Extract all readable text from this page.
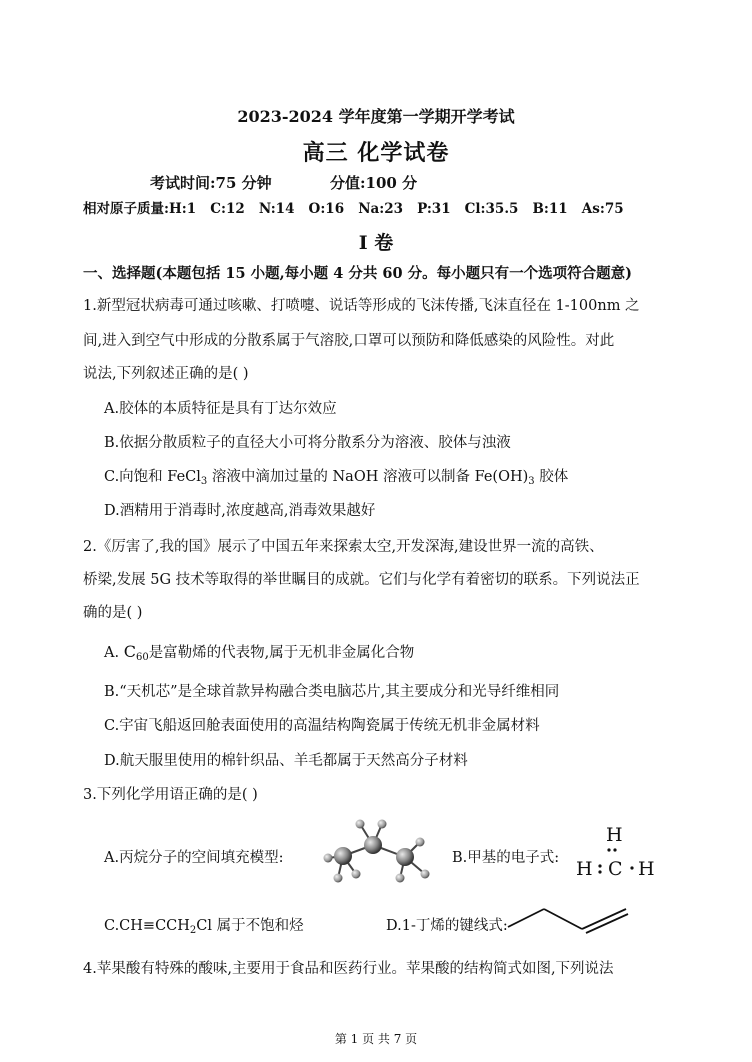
2023-2024 学年度第一学期开学考试
高三 化学试卷
考试时间:75 分钟	分值:100 分
相对原子质量:H:1   C:12   N:14   O:16   Na:23   P:31   Cl:35.5   B:11   As:75
I 卷
一、选择题(本题包括 15 小题,每小题 4 分共 60 分。每小题只有一个选项符合题意)
1.新型冠状病毒可通过咳嗽、打喷嚏、说话等形成的飞沫传播,飞沫直径在 1-100nm 之
间,进入到空气中形成的分散系属于气溶胶,口罩可以预防和降低感染的风险性。对此
说法,下列叙述正确的是( )
A.胶体的本质特征是具有丁达尔效应
B.依据分散质粒子的直径大小可将分散系分为溶液、胶体与浊液
C.向饱和 FeCl$_3$ 溶液中滴加过量的 NaOH 溶液可以制备 $Fe(OH)_3$ 胶体
D.酒精用于消毒时,浓度越高,消毒效果越好
2.《厉害了,我的国》展示了中国五年来探索太空,开发深海,建设世界一流的高铁、
桥梁,发展 5G 技术等取得的举世瞩目的成就。它们与化学有着密切的联系。下列说法正
确的是( )
A. $C_{60}$是富勒烯的代表物,属于无机非金属化合物
B.“天机芯”是全球首款异构融合类电脑芯片,其主要成分和光导纤维相同
C.宇宙飞船返回舱表面使用的高温结构陶瓷属于传统无机非金属材料
D.航天服里使用的棉针织品、羊毛都属于天然高分子材料
3.下列化学用语正确的是( )
A.丙烷分子的空间填充模型:	B.甲基的电子式:
H
H C H
$C.CH\equiv CCH_2Cl$ 属于不饱和烃	D.1-丁烯的键线式:
4.苹果酸有特殊的酸味,主要用于食品和医药行业。苹果酸的结构简式如图,下列说法
第 1 页 共 7 页
